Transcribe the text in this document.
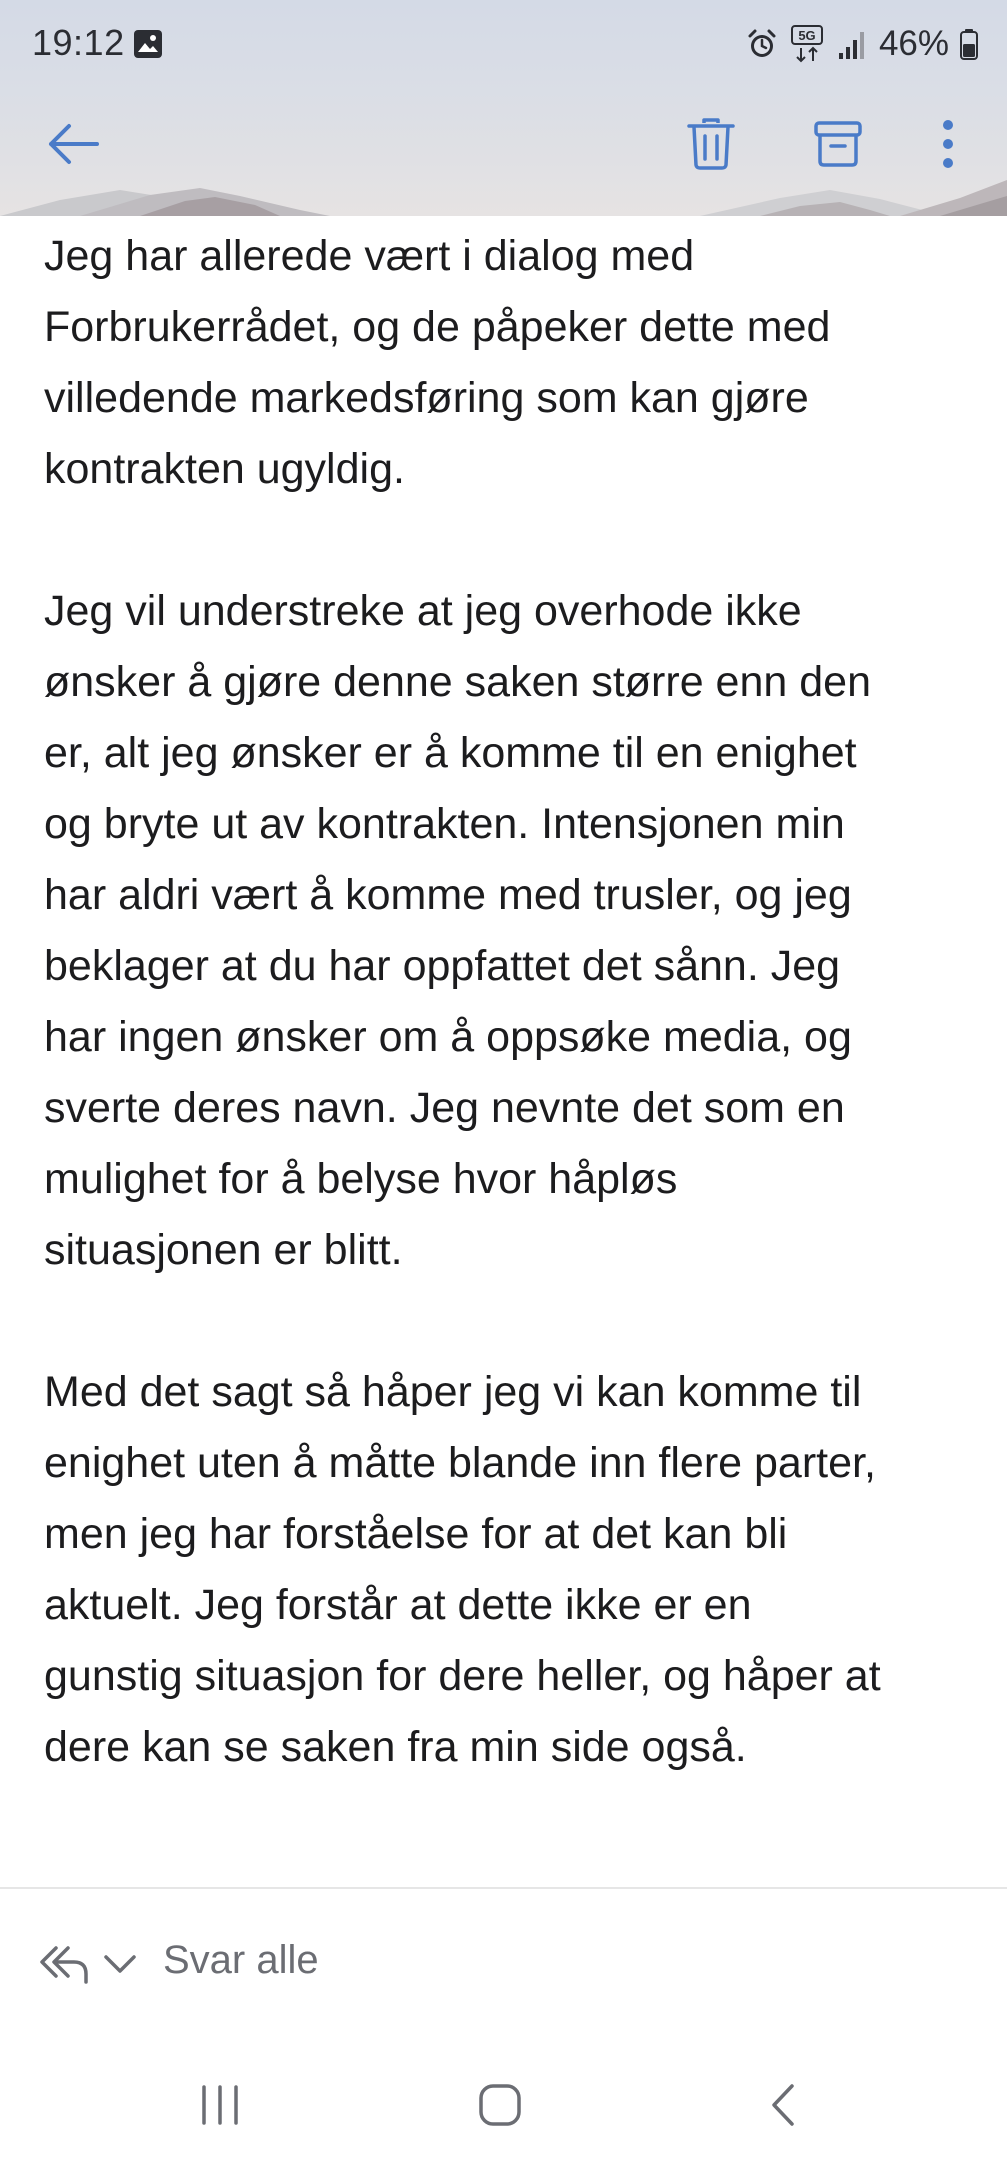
19:12	5G 46%

Jeg har allerede vært i dialog med
Forbrukerrådet, og de påpeker dette med
villedende markedsføring som kan gjøre
kontrakten ugyldig.

Jeg vil understreke at jeg overhode ikke
ønsker å gjøre denne saken større enn den
er, alt jeg ønsker er å komme til en enighet
og bryte ut av kontrakten. Intensjonen min
har aldri vært å komme med trusler, og jeg
beklager at du har oppfattet det sånn. Jeg
har ingen ønsker om å oppsøke media, og
sverte deres navn. Jeg nevnte det som en
mulighet for å belyse hvor håpløs
situasjonen er blitt.

Med det sagt så håper jeg vi kan komme til
enighet uten å måtte blande inn flere parter,
men jeg har forståelse for at det kan bli
aktuelt. Jeg forstår at dette ikke er en
gunstig situasjon for dere heller, og håper at
dere kan se saken fra min side også.

Svar alle
